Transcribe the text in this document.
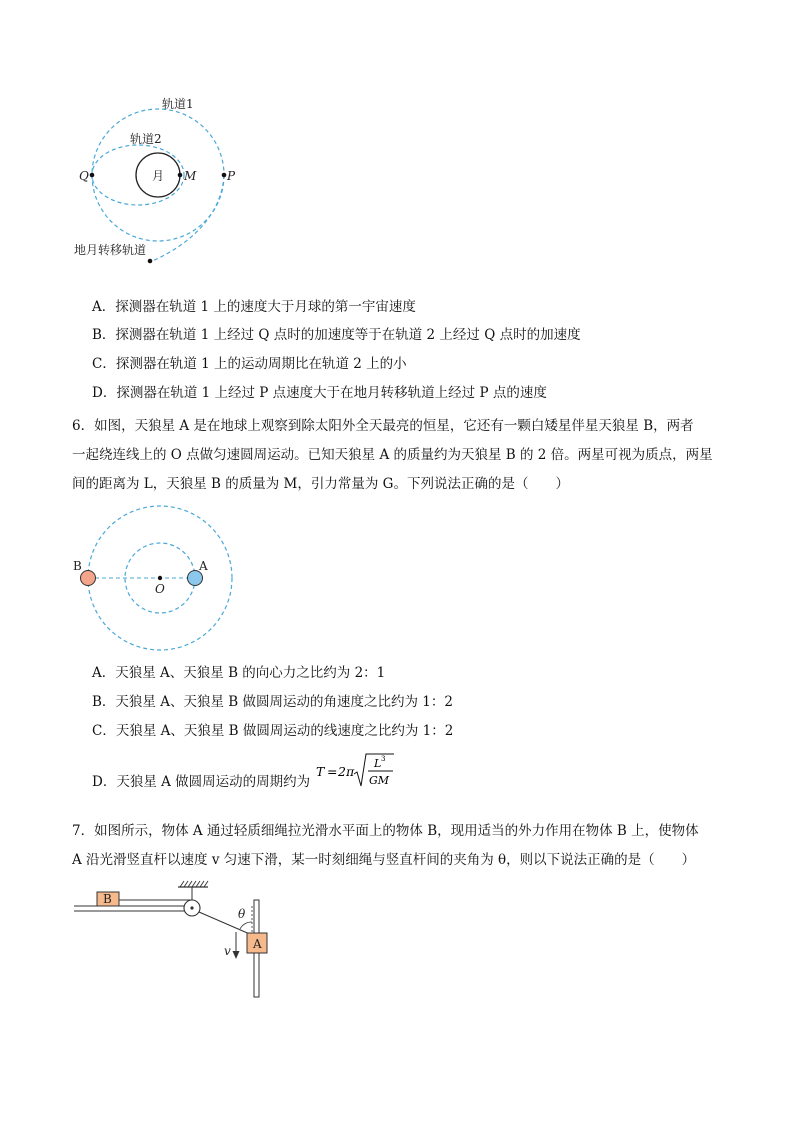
月
Q	M	P
轨道1
轨道2
地月转移轨道
A．探测器在轨道 1 上的速度大于月球的第一宇宙速度
B．探测器在轨道 1 上经过 Q 点时的加速度等于在轨道 2 上经过 Q 点时的加速度
C．探测器在轨道 1 上的运动周期比在轨道 2 上的小
D．探测器在轨道 1 上经过 P 点速度大于在地月转移轨道上经过 P 点的速度
6．如图，天狼星 A 是在地球上观察到除太阳外全天最亮的恒星，它还有一颗白矮星伴星天狼星 B，两者
一起绕连线上的 O 点做匀速圆周运动。已知天狼星 A 的质量约为天狼星 B 的 2 倍。两星可视为质点，两星
间的距离为 L，天狼星 B 的质量为 M，引力常量为 G。下列说法正确的是（　　）
B	A
O
A．天狼星 A、天狼星 B 的向心力之比约为 2：1
B．天狼星 A、天狼星 B 做圆周运动的角速度之比约为 1：2
C．天狼星 A、天狼星 B 做圆周运动的线速度之比约为 1：2
D．天狼星 A 做圆周运动的周期约为
T = 2π
L 3
GM
7．如图所示，物体 A 通过轻质细绳拉光滑水平面上的物体 B，现用适当的外力作用在物体 B 上，使物体
A 沿光滑竖直杆以速度 v 匀速下滑，某一时刻细绳与竖直杆间的夹角为 θ，则以下说法正确的是（　　）
B
θ
A
v
